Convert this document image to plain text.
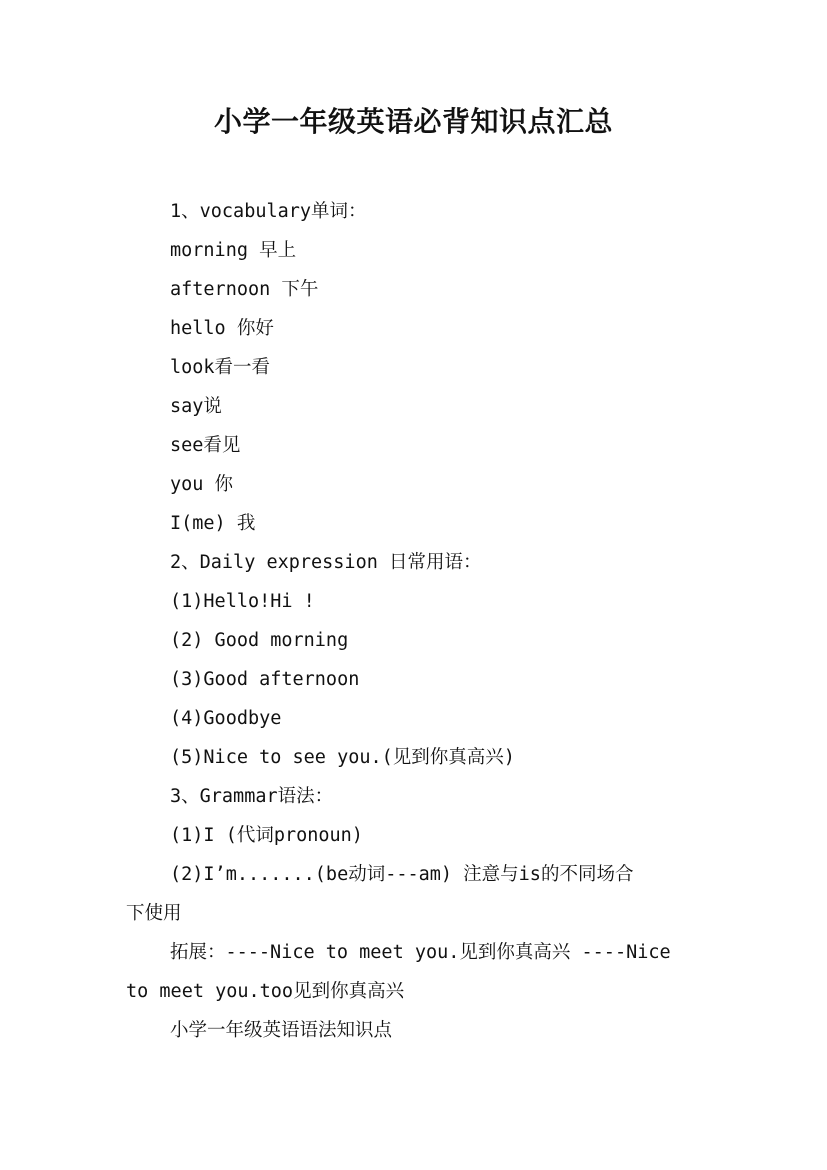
小学一年级英语必背知识点汇总
1、vocabulary单词：
morning 早上
afternoon 下午
hello 你好
look看一看
say说
see看见
you 你
I(me) 我
2、Daily expression 日常用语：
(1)Hello!Hi !
(2) Good morning
(3)Good afternoon
(4)Goodbye
(5)Nice to see you.(见到你真高兴)
3、Grammar语法：
(1)I (代词pronoun)
(2)I’m.......(be动词---am) 注意与is的不同场合
下使用
拓展：----Nice to meet you.见到你真高兴 ----Nice
to meet you.too见到你真高兴
小学一年级英语语法知识点
